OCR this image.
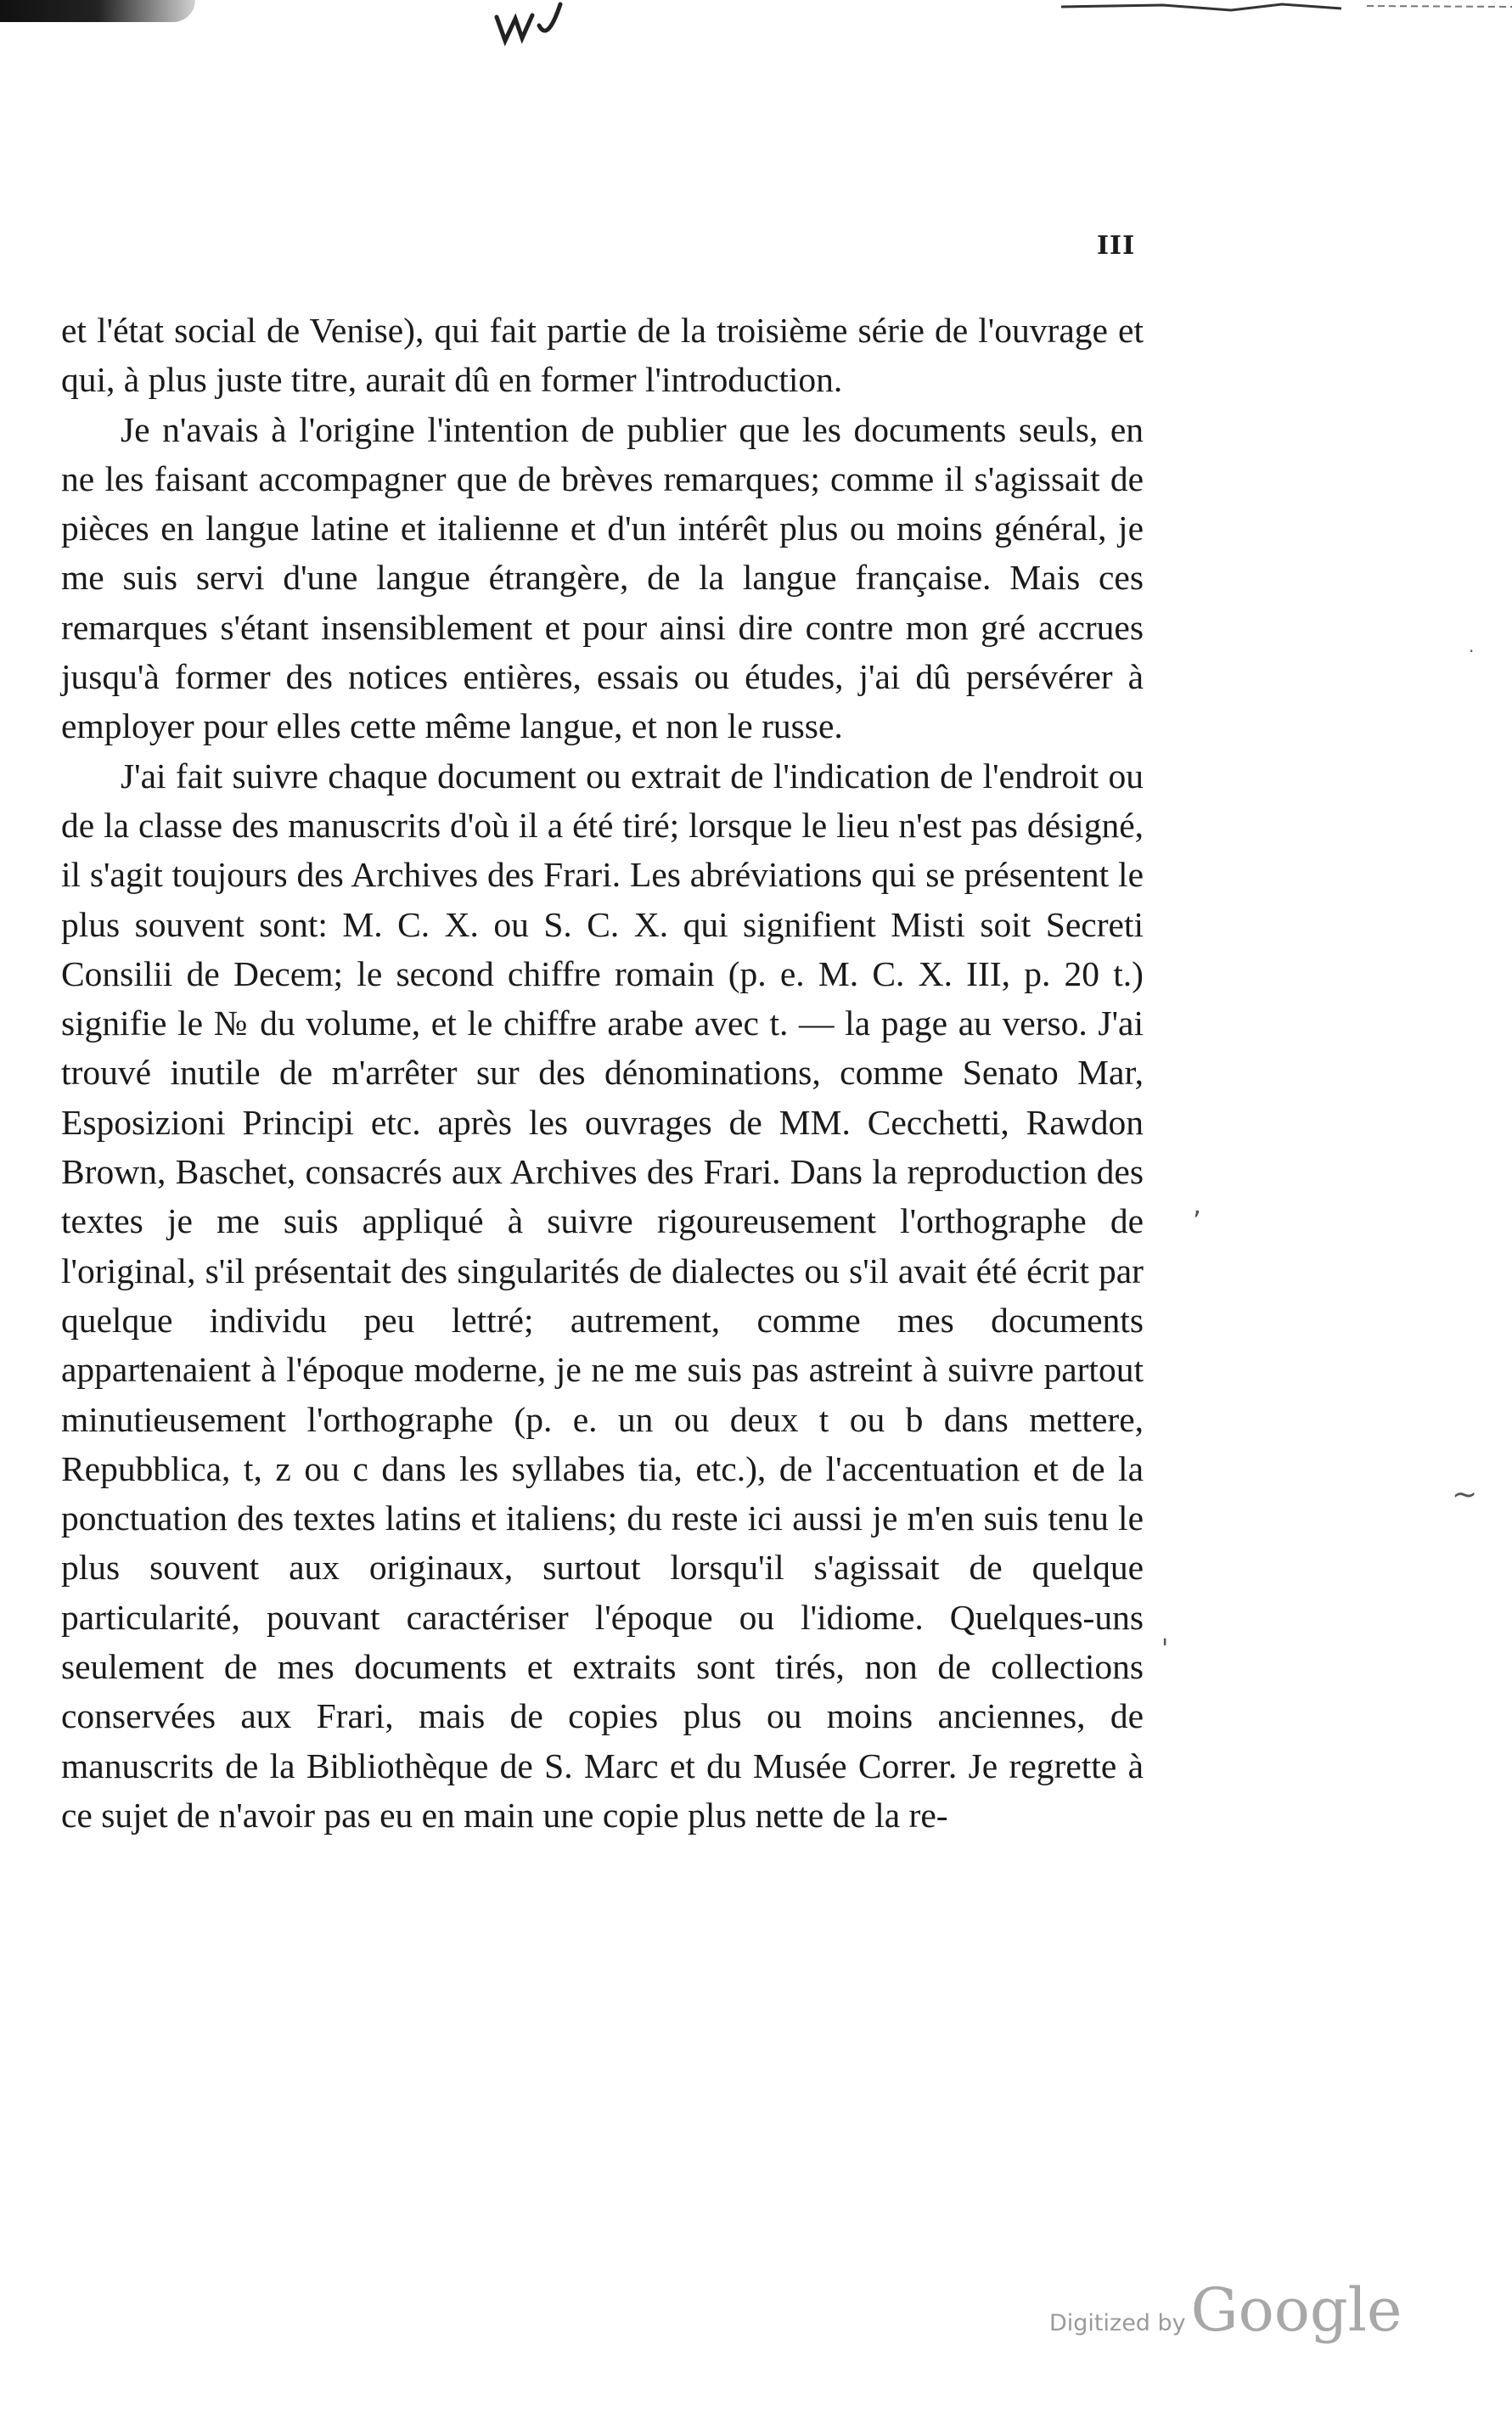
III

et l'état social de Venise), qui fait partie de la troisième série de l'ouvrage et qui, à plus juste titre, aurait dû en former l'introduction.

Je n'avais à l'origine l'intention de publier que les documents seuls, en ne les faisant accompagner que de brèves remarques; comme il s'agissait de pièces en langue latine et italienne et d'un intérêt plus ou moins général, je me suis servi d'une langue étrangère, de la langue française. Mais ces remarques s'étant insensiblement et pour ainsi dire contre mon gré accrues jusqu'à former des notices entières, essais ou études, j'ai dû persévérer à employer pour elles cette même langue, et non le russe.

J'ai fait suivre chaque document ou extrait de l'indication de l'endroit ou de la classe des manuscrits d'où il a été tiré; lorsque le lieu n'est pas désigné, il s'agit toujours des Archives des Frari. Les abréviations qui se présentent le plus souvent sont: M. C. X. ou S. C. X. qui signifient Misti soit Secreti Consilii de Decem; le second chiffre romain (p. e. M. C. X. III, p. 20 t.) signifie le № du volume, et le chiffre arabe avec t. — la page au verso. J'ai trouvé inutile de m'arrêter sur des dénominations, comme Senato Mar, Esposizioni Principi etc. après les ouvrages de MM. Cecchetti, Rawdon Brown, Baschet, consacrés aux Archives des Frari. Dans la reproduction des textes je me suis appliqué à suivre rigoureusement l'orthographe de l'original, s'il présentait des singularités de dialectes ou s'il avait été écrit par quelque individu peu lettré; autrement, comme mes documents appartenaient à l'époque moderne, je ne me suis pas astreint à suivre partout minutieusement l'orthographe (p. e. un ou deux t ou b dans mettere, Repubblica, t, z ou c dans les syllabes tia, etc.), de l'accentuation et de la ponctuation des textes latins et italiens; du reste ici aussi je m'en suis tenu le plus souvent aux originaux, surtout lorsqu'il s'agissait de quelque particularité, pouvant caractériser l'époque ou l'idiome. Quelques-uns seulement de mes documents et extraits sont tirés, non de collections conservées aux Frari, mais de copies plus ou moins anciennes, de manuscrits de la Bibliothèque de S. Marc et du Musée Correr. Je regrette à ce sujet de n'avoir pas eu en main une copie plus nette de la re-

·
,
~
'
Digitized by Google
